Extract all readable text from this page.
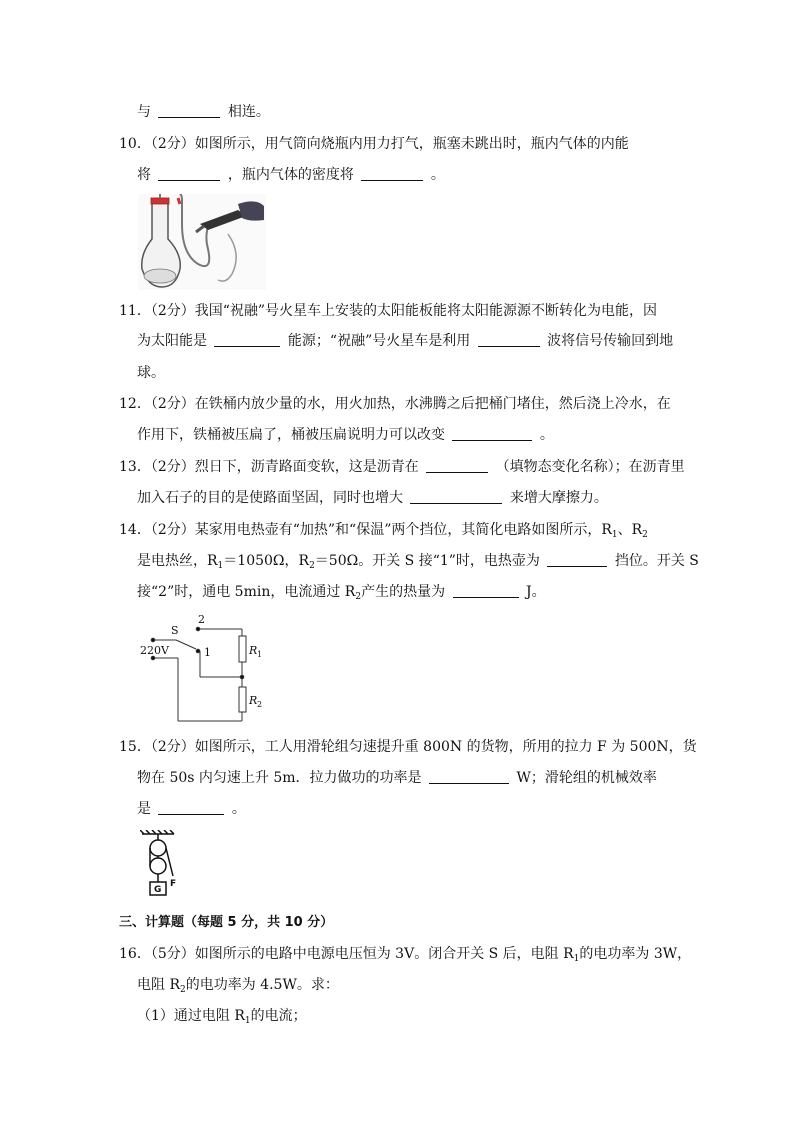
与	相连。
10．（2分）如图所示，用气筒向烧瓶内用力打气，瓶塞未跳出时，瓶内气体的内能
将	，瓶内气体的密度将	。
11．（2分）我国“祝融”号火星车上安装的太阳能板能将太阳能源源不断转化为电能，因
为太阳能是	能源；“祝融”号火星车是利用	波将信号传输回到地
球。
12．（2分）在铁桶内放少量的水，用火加热，水沸腾之后把桶门堵住，然后浇上冷水，在
作用下，铁桶被压扁了，桶被压扁说明力可以改变	。
13．（2分）烈日下，沥青路面变软，这是沥青在	（填物态变化名称）；在沥青里
加入石子的目的是使路面坚固，同时也增大	来增大摩擦力。
14．（2分）某家用电热壶有“加热”和“保温”两个挡位，其简化电路如图所示，$R_1$、$R_2$
是电热丝，$R_1=1050\Omega$，$R_2=50\Omega$。开关 S 接“1”时，电热壶为	挡位。开关 S
接“2”时，通电 5min，电流通过 $R_2$产生的热量为	J。
S
2
1
220V	R 1
R 2
15．（2分）如图所示，工人用滑轮组匀速提升重 800N 的货物，所用的拉力 F 为 500N，货
物在 50s 内匀速上升 5m．拉力做功的功率是	W；滑轮组的机械效率
是	。
G
F
三、计算题（每题 5 分，共 10 分）
16．（5分）如图所示的电路中电源电压恒为 3V。闭合开关 S 后，电阻 $R_1$的电功率为 3W，
电阻 $R_2$的电功率为 4.5W。求：
（1）通过电阻 $R_1$的电流；
